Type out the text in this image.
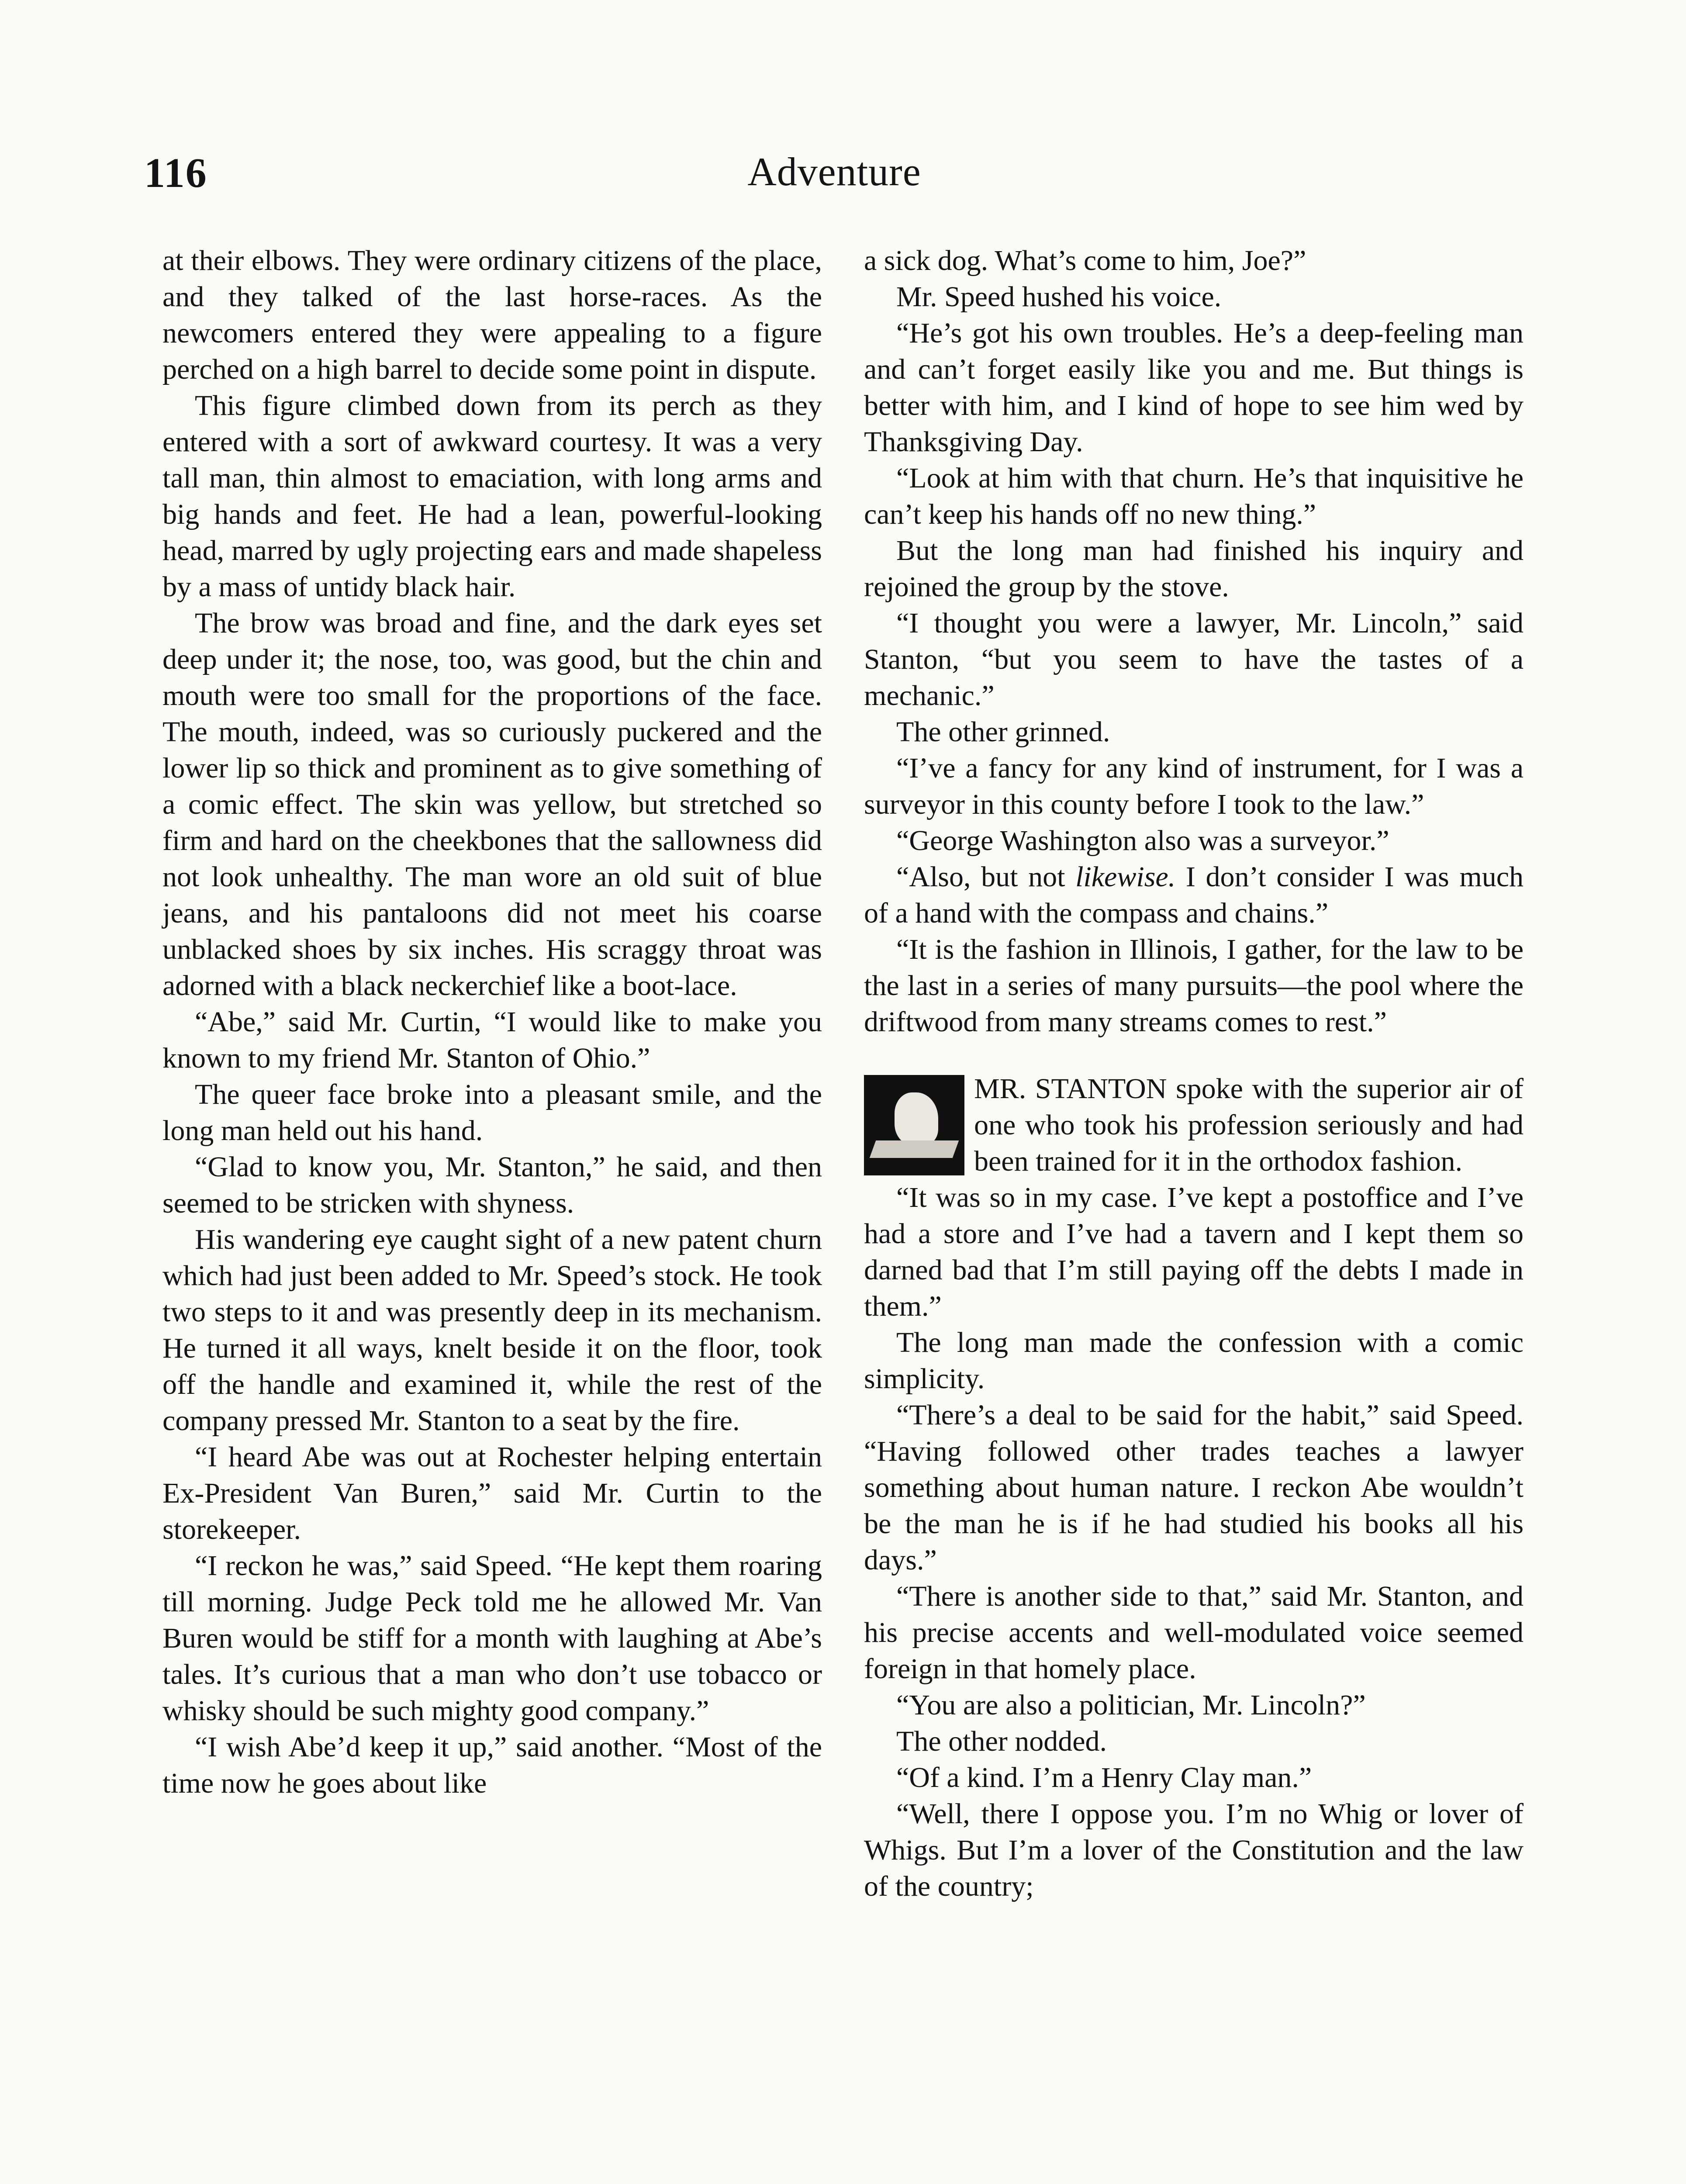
116	Adventure

at their elbows. They were ordinary citizens of the place, and they talked of the last horse-races. As the newcomers entered they were appealing to a figure perched on a high barrel to decide some point in dispute.

This figure climbed down from its perch as they entered with a sort of awkward courtesy. It was a very tall man, thin almost to emaciation, with long arms and big hands and feet. He had a lean, powerful-looking head, marred by ugly projecting ears and made shapeless by a mass of untidy black hair.

The brow was broad and fine, and the dark eyes set deep under it; the nose, too, was good, but the chin and mouth were too small for the proportions of the face. The mouth, indeed, was so curiously puckered and the lower lip so thick and prominent as to give something of a comic effect. The skin was yellow, but stretched so firm and hard on the cheekbones that the sallowness did not look unhealthy. The man wore an old suit of blue jeans, and his pantaloons did not meet his coarse unblacked shoes by six inches. His scraggy throat was adorned with a black neckerchief like a boot-lace.

“Abe,” said Mr. Curtin, “I would like to make you known to my friend Mr. Stanton of Ohio.”

The queer face broke into a pleasant smile, and the long man held out his hand.

“Glad to know you, Mr. Stanton,” he said, and then seemed to be stricken with shyness.

His wandering eye caught sight of a new patent churn which had just been added to Mr. Speed’s stock. He took two steps to it and was presently deep in its mechanism. He turned it all ways, knelt beside it on the floor, took off the handle and examined it, while the rest of the company pressed Mr. Stanton to a seat by the fire.

“I heard Abe was out at Rochester helping entertain Ex-President Van Buren,” said Mr. Curtin to the storekeeper.

“I reckon he was,” said Speed. “He kept them roaring till morning. Judge Peck told me he allowed Mr. Van Buren would be stiff for a month with laughing at Abe’s tales. It’s curious that a man who don’t use tobacco or whisky should be such mighty good company.”

“I wish Abe’d keep it up,” said another. “Most of the time now he goes about like

a sick dog. What’s come to him, Joe?”

Mr. Speed hushed his voice.

“He’s got his own troubles. He’s a deep-feeling man and can’t forget easily like you and me. But things is better with him, and I kind of hope to see him wed by Thanksgiving Day.

“Look at him with that churn. He’s that inquisitive he can’t keep his hands off no new thing.”

But the long man had finished his inquiry and rejoined the group by the stove.

“I thought you were a lawyer, Mr. Lincoln,” said Stanton, “but you seem to have the tastes of a mechanic.”

The other grinned.

“I’ve a fancy for any kind of instrument, for I was a surveyor in this county before I took to the law.”

“George Washington also was a surveyor.”

“Also, but not likewise. I don’t consider I was much of a hand with the compass and chains.”

“It is the fashion in Illinois, I gather, for the law to be the last in a series of many pursuits—the pool where the driftwood from many streams comes to rest.”

MR. STANTON spoke with the superior air of one who took his profession seriously and had been trained for it in the orthodox fashion.

“It was so in my case. I’ve kept a postoffice and I’ve had a store and I’ve had a tavern and I kept them so darned bad that I’m still paying off the debts I made in them.”

The long man made the confession with a comic simplicity.

“There’s a deal to be said for the habit,” said Speed. “Having followed other trades teaches a lawyer something about human nature. I reckon Abe wouldn’t be the man he is if he had studied his books all his days.”

“There is another side to that,” said Mr. Stanton, and his precise accents and well-modulated voice seemed foreign in that homely place.

“You are also a politician, Mr. Lincoln?”

The other nodded.

“Of a kind. I’m a Henry Clay man.”

“Well, there I oppose you. I’m no Whig or lover of Whigs. But I’m a lover of the Constitution and the law of the country;
